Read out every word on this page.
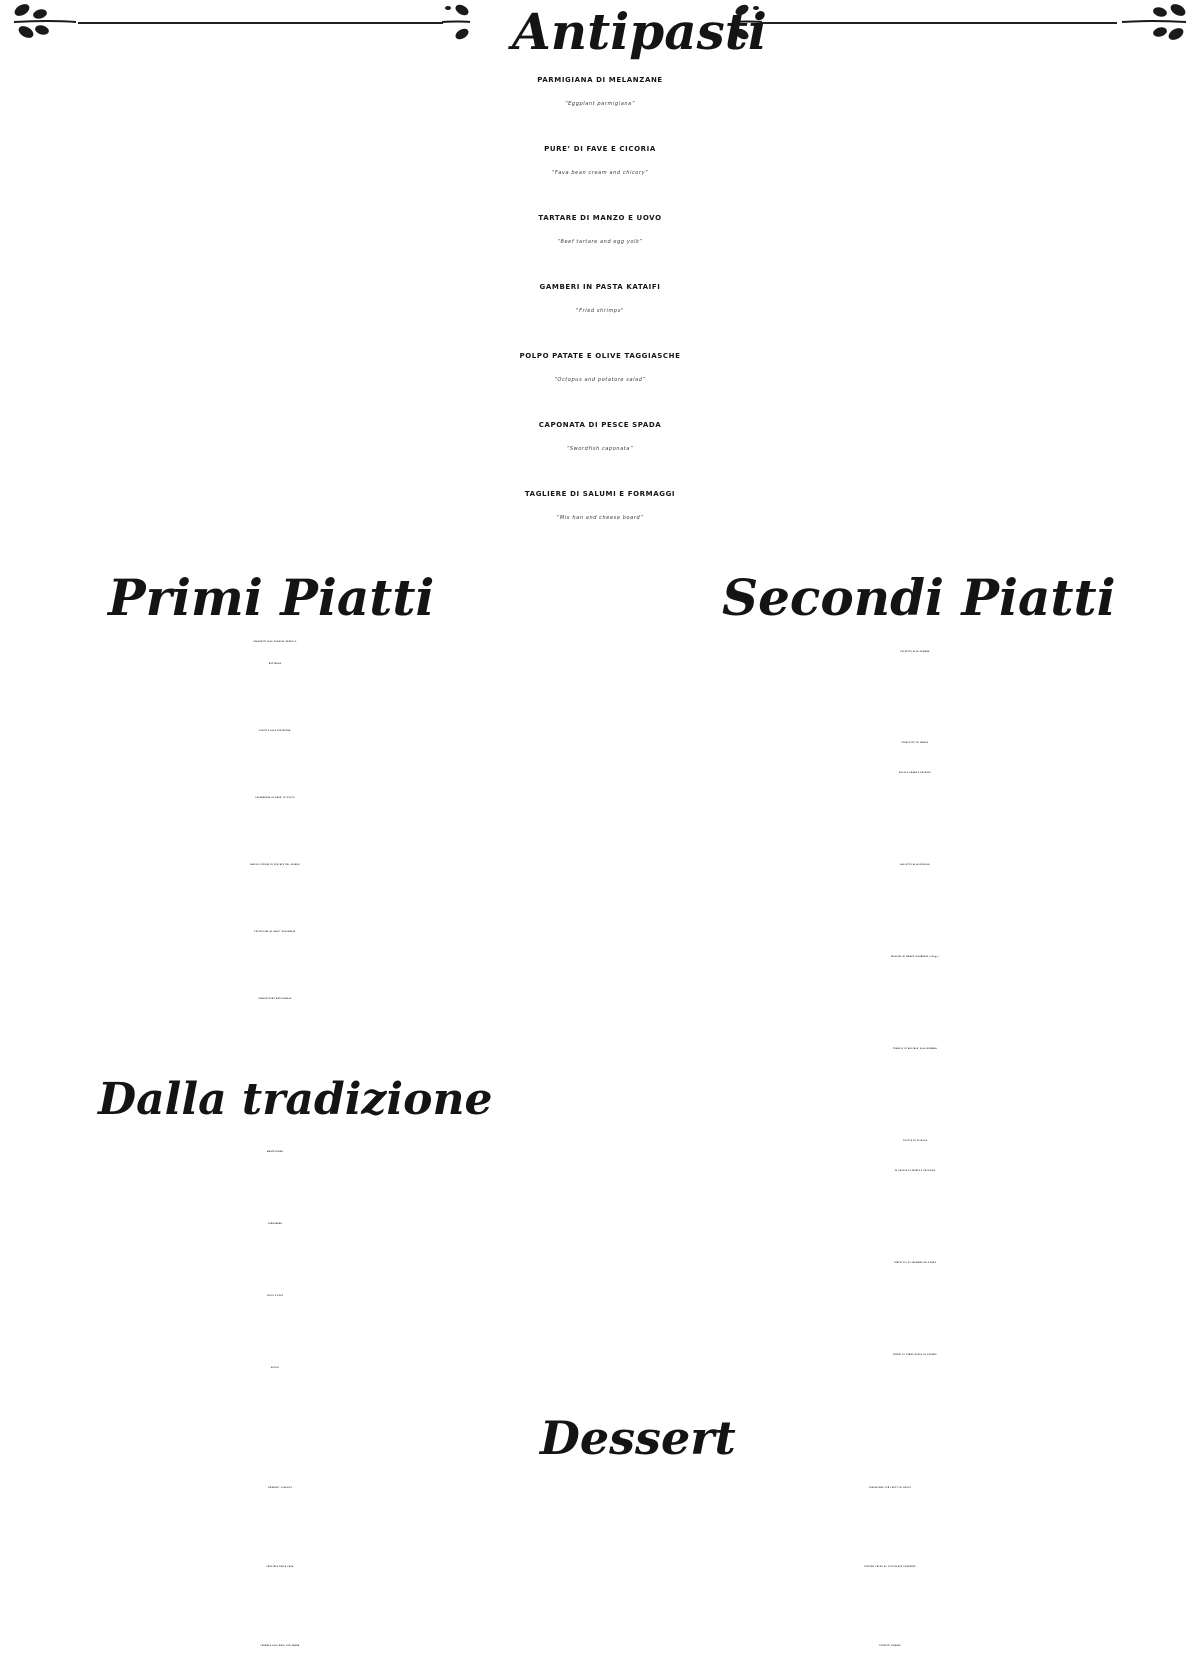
Antipasti
Primi Piatti	Secondi Piatti
Dalla tradizione
Dessert
PARMIGIANA DI MELANZANE
“Eggplant parmigiana”
PURE’ DI FAVE E CICORIA
“Fava bean cream and chicory”
TARTARE DI MANZO E UOVO
“Beef tartare and egg yolk”
GAMBERI IN PASTA KATAIFI
"Fried shrimps"
POLPO PATATE E OLIVE TAGGIASCHE
”Octopus and potatore salad”
CAPONATA DI PESCE SPADA
“Swordfish caponata”
TAGLIERE DI SALUMI E FORMAGGI
“Mix han and cheese board”
SPAGHETTI ALLE VONGOLE VERACI E
BOTTARGA
RISOTTO ALLA PESCATORA
CALAMARATA AL RAGU’ DI POLPO
RAVIOLI RIPIENI DI PESCATO DEL GIORNO
FETTUCCINE AL RAGU’ BOLOGNESE
SPAGHETTONE ARTIGIANALE
AMATRICIANA
CARBONARA
CACIO E PEPE
GRICIA
POLPETTE ALLA ROMANA
STRACCETTI DI MANZO
RUCOLA GRANA E PACHINO
GALLETTO ALLA DIAVOLA
TAGLIATA DI MANZO IRLANDESE (250gr.)
TRANCIO DI BACCALA’ ALLA ROMANA
FILETTO DI SPIGOLA
IN CROSTA DI PATATE E ZUCCHINE
CARTOCCIO DI SALMONE ALLE ERBE
TATAKI DI TONNO ROSSO AL SESAMO
TIRAMISU' CLASSICO
CROSTATA DELLA CASA
CRUMBLE ALLE MELE CON PANNA
CHEESECAKE CON FRUTTI DI BOSCO
TORTINO CALDO AL CIOCCOLATO FONDENTE
TOZZETTI ROMANI
